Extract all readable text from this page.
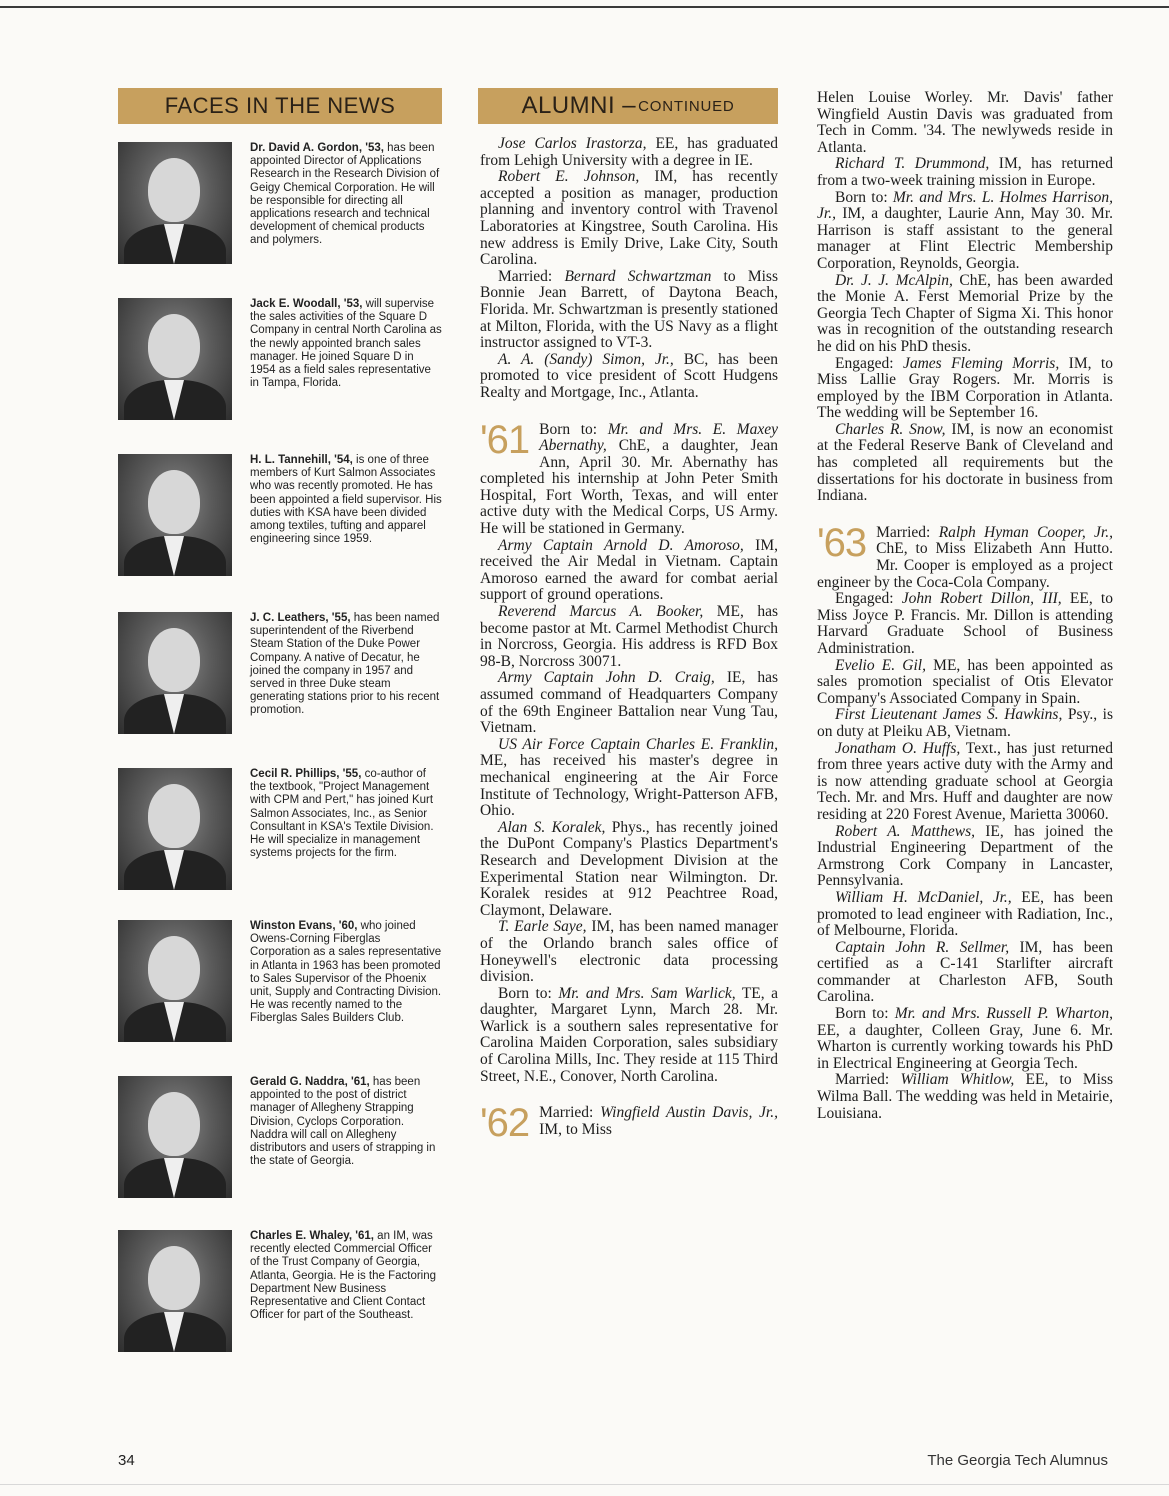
FACES IN THE NEWS	ALUMNI – CONTINUED
Dr. David A. Gordon, '53, has been appointed Director of Applications Research in the Research Division of Geigy Chemical Corporation. He will be responsible for directing all applications research and technical development of chemical products and polymers.
Jack E. Woodall, '53, will supervise the sales activities of the Square D Company in central North Carolina as the newly appointed branch sales manager. He joined Square D in 1954 as a field sales representative in Tampa, Florida.
H. L. Tannehill, '54, is one of three members of Kurt Salmon Associates who was recently promoted. He has been appointed a field supervisor. His duties with KSA have been divided among textiles, tufting and apparel engineering since 1959.
J. C. Leathers, '55, has been named superintendent of the Riverbend Steam Station of the Duke Power Company. A native of Decatur, he joined the company in 1957 and served in three Duke steam generating stations prior to his recent promotion.
Cecil R. Phillips, '55, co-author of the textbook, "Project Management with CPM and Pert," has joined Kurt Salmon Associates, Inc., as Senior Consultant in KSA's Textile Division. He will specialize in management systems projects for the firm.
Winston Evans, '60, who joined Owens-Corning Fiberglas Corporation as a sales representative in Atlanta in 1963 has been promoted to Sales Supervisor of the Phoenix unit, Supply and Contracting Division. He was recently named to the Fiberglas Sales Builders Club.
Gerald G. Naddra, '61, has been appointed to the post of district manager of Allegheny Strapping Division, Cyclops Corporation. Naddra will call on Allegheny distributors and users of strapping in the state of Georgia.
Charles E. Whaley, '61, an IM, was recently elected Commercial Officer of the Trust Company of Georgia, Atlanta, Georgia. He is the Factoring Department New Business Representative and Client Contact Officer for part of the Southeast.

Jose Carlos Irastorza, EE, has graduated from Lehigh University with a degree in IE.

Robert E. Johnson, IM, has recently accepted a position as manager, production planning and inventory control with Travenol Laboratories at Kingstree, South Carolina. His new address is Emily Drive, Lake City, South Carolina.

Married: Bernard Schwartzman to Miss Bonnie Jean Barrett, of Daytona Beach, Florida. Mr. Schwartzman is presently stationed at Milton, Florida, with the US Navy as a flight instructor assigned to VT-3.

A. A. (Sandy) Simon, Jr., BC, has been promoted to vice president of Scott Hudgens Realty and Mortgage, Inc., Atlanta.

'61 Born to: Mr. and Mrs. E. Maxey Abernathy, ChE, a daughter, Jean Ann, April 30. Mr. Abernathy has completed his internship at John Peter Smith Hospital, Fort Worth, Texas, and will enter active duty with the Medical Corps, US Army. He will be stationed in Germany.

Army Captain Arnold D. Amoroso, IM, received the Air Medal in Vietnam. Captain Amoroso earned the award for combat aerial support of ground operations.

Reverend Marcus A. Booker, ME, has become pastor at Mt. Carmel Methodist Church in Norcross, Georgia. His address is RFD Box 98-B, Norcross 30071.

Army Captain John D. Craig, IE, has assumed command of Headquarters Company of the 69th Engineer Battalion near Vung Tau, Vietnam.

US Air Force Captain Charles E. Franklin, ME, has received his master's degree in mechanical engineering at the Air Force Institute of Technology, Wright-Patterson AFB, Ohio.

Alan S. Koralek, Phys., has recently joined the DuPont Company's Plastics Department's Research and Development Division at the Experimental Station near Wilmington. Dr. Koralek resides at 912 Peachtree Road, Claymont, Delaware.

T. Earle Saye, IM, has been named manager of the Orlando branch sales office of Honeywell's electronic data processing division.

Born to: Mr. and Mrs. Sam Warlick, TE, a daughter, Margaret Lynn, March 28. Mr. Warlick is a southern sales representative for Carolina Maiden Corporation, sales subsidiary of Carolina Mills, Inc. They reside at 115 Third Street, N.E., Conover, North Carolina.

'62 Married: Wingfield Austin Davis, Jr., IM, to Miss

Helen Louise Worley. Mr. Davis' father Wingfield Austin Davis was graduated from Tech in Comm. '34. The newlyweds reside in Atlanta.

Richard T. Drummond, IM, has returned from a two-week training mission in Europe.

Born to: Mr. and Mrs. L. Holmes Harrison, Jr., IM, a daughter, Laurie Ann, May 30. Mr. Harrison is staff assistant to the general manager at Flint Electric Membership Corporation, Reynolds, Georgia.

Dr. J. J. McAlpin, ChE, has been awarded the Monie A. Ferst Memorial Prize by the Georgia Tech Chapter of Sigma Xi. This honor was in recognition of the outstanding research he did on his PhD thesis.

Engaged: James Fleming Morris, IM, to Miss Lallie Gray Rogers. Mr. Morris is employed by the IBM Corporation in Atlanta. The wedding will be September 16.

Charles R. Snow, IM, is now an economist at the Federal Reserve Bank of Cleveland and has completed all requirements but the dissertations for his doctorate in business from Indiana.

'63 Married: Ralph Hyman Cooper, Jr., ChE, to Miss Elizabeth Ann Hutto. Mr. Cooper is employed as a project engineer by the Coca-Cola Company.

Engaged: John Robert Dillon, III, EE, to Miss Joyce P. Francis. Mr. Dillon is attending Harvard Graduate School of Business Administration.

Evelio E. Gil, ME, has been appointed as sales promotion specialist of Otis Elevator Company's Associated Company in Spain.

First Lieutenant James S. Hawkins, Psy., is on duty at Pleiku AB, Vietnam.

Jonatham O. Huffs, Text., has just returned from three years active duty with the Army and is now attending graduate school at Georgia Tech. Mr. and Mrs. Huff and daughter are now residing at 220 Forest Avenue, Marietta 30060.

Robert A. Matthews, IE, has joined the Industrial Engineering Department of the Armstrong Cork Company in Lancaster, Pennsylvania.

William H. McDaniel, Jr., EE, has been promoted to lead engineer with Radiation, Inc., of Melbourne, Florida.

Captain John R. Sellmer, IM, has been certified as a C-141 Starlifter aircraft commander at Charleston AFB, South Carolina.

Born to: Mr. and Mrs. Russell P. Wharton, EE, a daughter, Colleen Gray, June 6. Mr. Wharton is currently working towards his PhD in Electrical Engineering at Georgia Tech.

Married: William Whitlow, EE, to Miss Wilma Ball. The wedding was held in Metairie, Louisiana.

34	The Georgia Tech Alumnus
